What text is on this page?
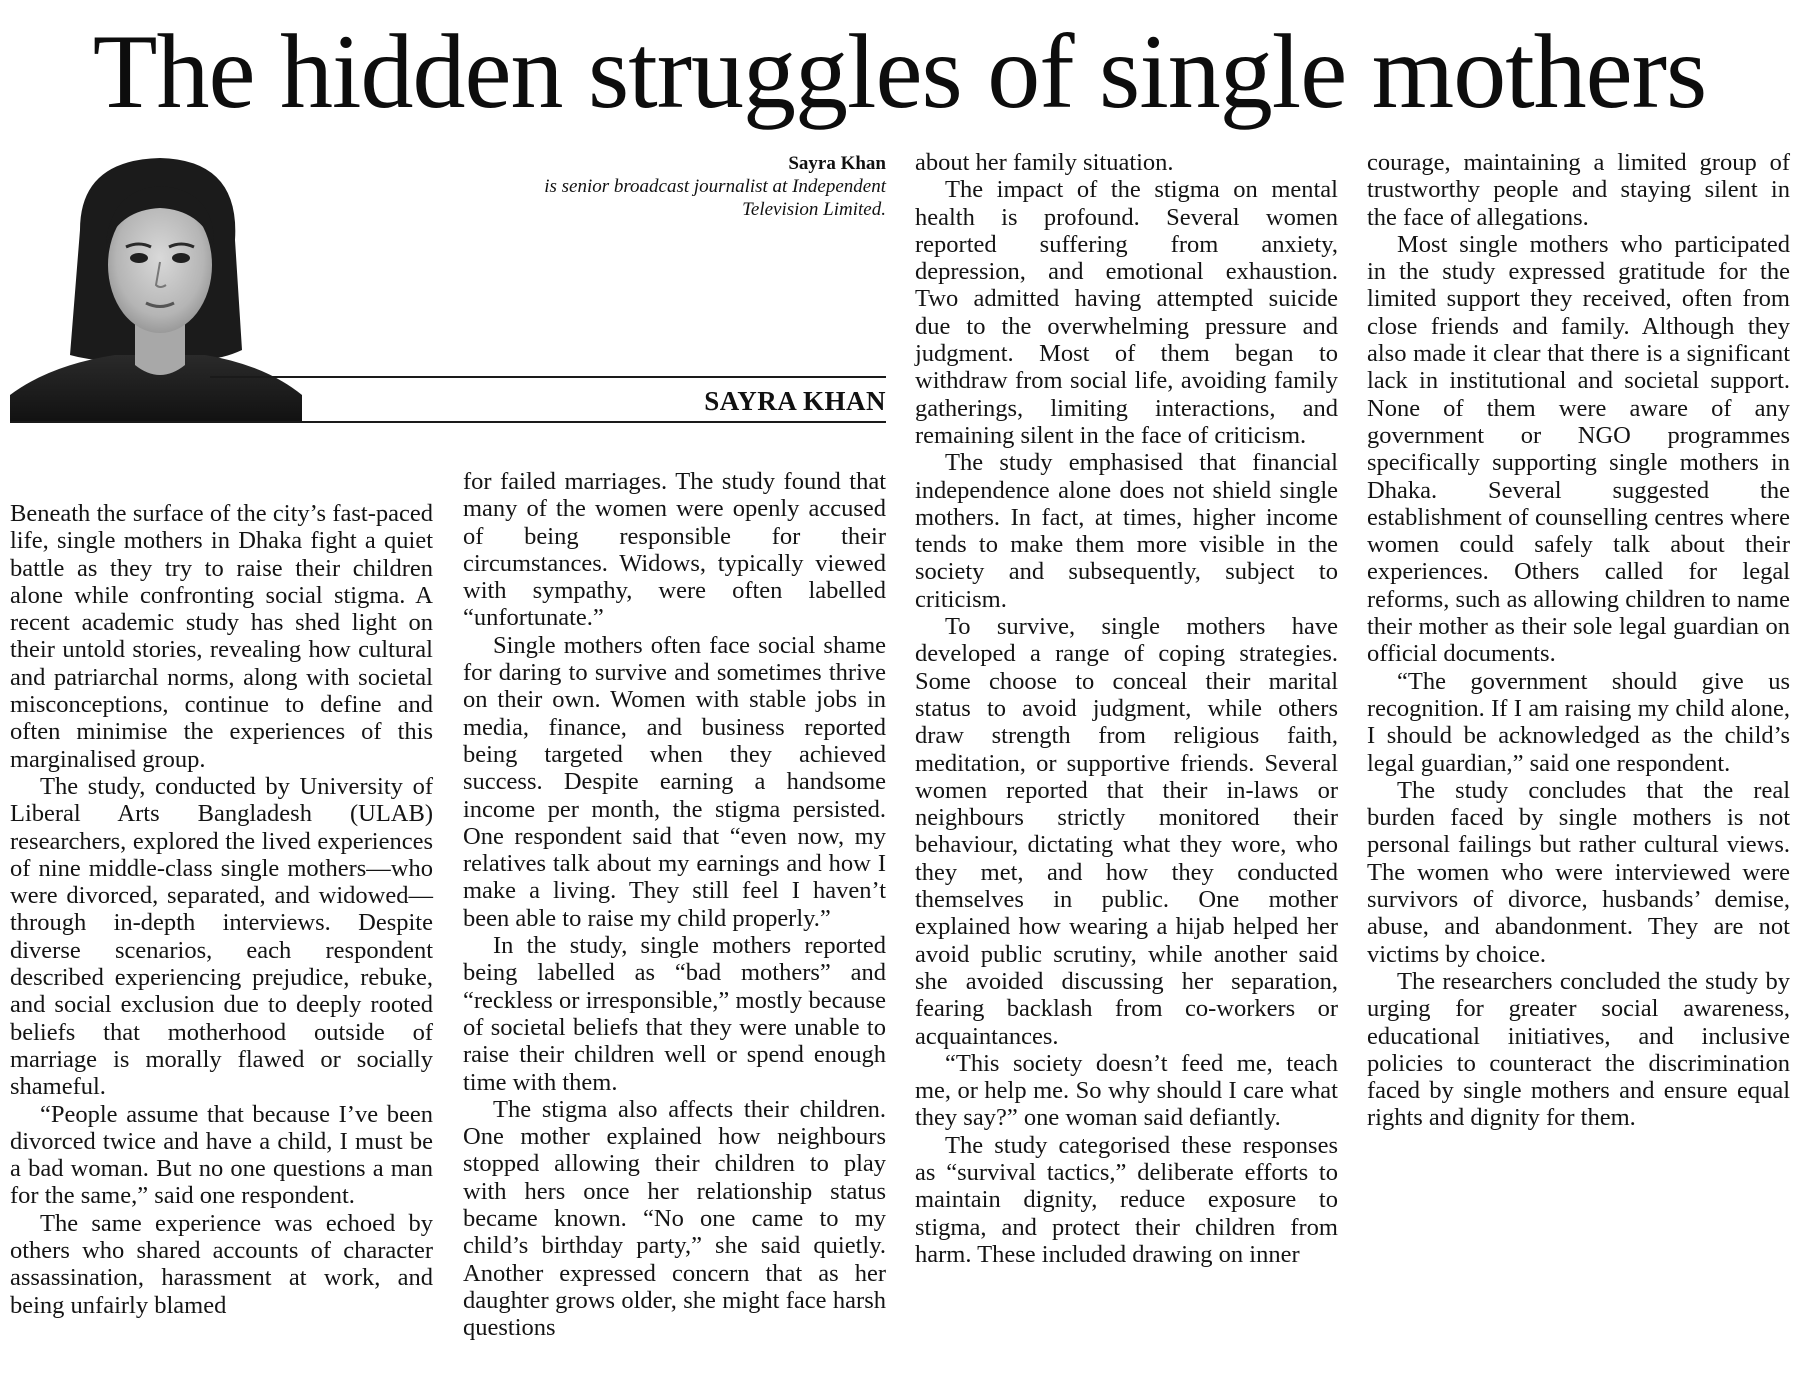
The hidden struggles of single mothers
Sayra Khan
is senior broadcast journalist at Independent Television Limited.
SAYRA KHAN

Beneath the surface of the city’s fast-paced life, single mothers in Dhaka fight a quiet battle as they try to raise their children alone while confronting social stigma. A recent academic study has shed light on their untold stories, revealing how cultural and patriarchal norms, along with societal misconceptions, continue to define and often minimise the experiences of this marginalised group.

The study, conducted by University of Liberal Arts Bangladesh (ULAB) researchers, explored the lived experiences of nine middle-class single mothers—who were divorced, separated, and widowed—through in-depth interviews. Despite diverse scenarios, each respondent described experiencing prejudice, rebuke, and social exclusion due to deeply rooted beliefs that motherhood outside of marriage is morally flawed or socially shameful.

“People assume that because I’ve been divorced twice and have a child, I must be a bad woman. But no one questions a man for the same,” said one respondent.

The same experience was echoed by others who shared accounts of character assassination, harassment at work, and being unfairly blamed

for failed marriages. The study found that many of the women were openly accused of being responsible for their circumstances. Widows, typically viewed with sympathy, were often labelled “unfortunate.”

Single mothers often face social shame for daring to survive and sometimes thrive on their own. Women with stable jobs in media, finance, and business reported being targeted when they achieved success. Despite earning a handsome income per month, the stigma persisted. One respondent said that “even now, my relatives talk about my earnings and how I make a living. They still feel I haven’t been able to raise my child properly.”

In the study, single mothers reported being labelled as “bad mothers” and “reckless or irresponsible,” mostly because of societal beliefs that they were unable to raise their children well or spend enough time with them.

The stigma also affects their children. One mother explained how neighbours stopped allowing their children to play with hers once her relationship status became known. “No one came to my child’s birthday party,” she said quietly. Another expressed concern that as her daughter grows older, she might face harsh questions

about her family situation.

The impact of the stigma on mental health is profound. Several women reported suffering from anxiety, depression, and emotional exhaustion. Two admitted having attempted suicide due to the overwhelming pressure and judgment. Most of them began to withdraw from social life, avoiding family gatherings, limiting interactions, and remaining silent in the face of criticism.

The study emphasised that financial independence alone does not shield single mothers. In fact, at times, higher income tends to make them more visible in the society and subsequently, subject to criticism.

To survive, single mothers have developed a range of coping strategies. Some choose to conceal their marital status to avoid judgment, while others draw strength from religious faith, meditation, or supportive friends. Several women reported that their in-laws or neighbours strictly monitored their behaviour, dictating what they wore, who they met, and how they conducted themselves in public. One mother explained how wearing a hijab helped her avoid public scrutiny, while another said she avoided discussing her separation, fearing backlash from co-workers or acquaintances.

“This society doesn’t feed me, teach me, or help me. So why should I care what they say?” one woman said defiantly.

The study categorised these responses as “survival tactics,” deliberate efforts to maintain dignity, reduce exposure to stigma, and protect their children from harm. These included drawing on inner

courage, maintaining a limited group of trustworthy people and staying silent in the face of allegations.

Most single mothers who participated in the study expressed gratitude for the limited support they received, often from close friends and family. Although they also made it clear that there is a significant lack in institutional and societal support. None of them were aware of any government or NGO programmes specifically supporting single mothers in Dhaka. Several suggested the establishment of counselling centres where women could safely talk about their experiences. Others called for legal reforms, such as allowing children to name their mother as their sole legal guardian on official documents.

“The government should give us recognition. If I am raising my child alone, I should be acknowledged as the child’s legal guardian,” said one respondent.

The study concludes that the real burden faced by single mothers is not personal failings but rather cultural views. The women who were interviewed were survivors of divorce, husbands’ demise, abuse, and abandonment. They are not victims by choice.

The researchers concluded the study by urging for greater social awareness, educational initiatives, and inclusive policies to counteract the discrimination faced by single mothers and ensure equal rights and dignity for them.
